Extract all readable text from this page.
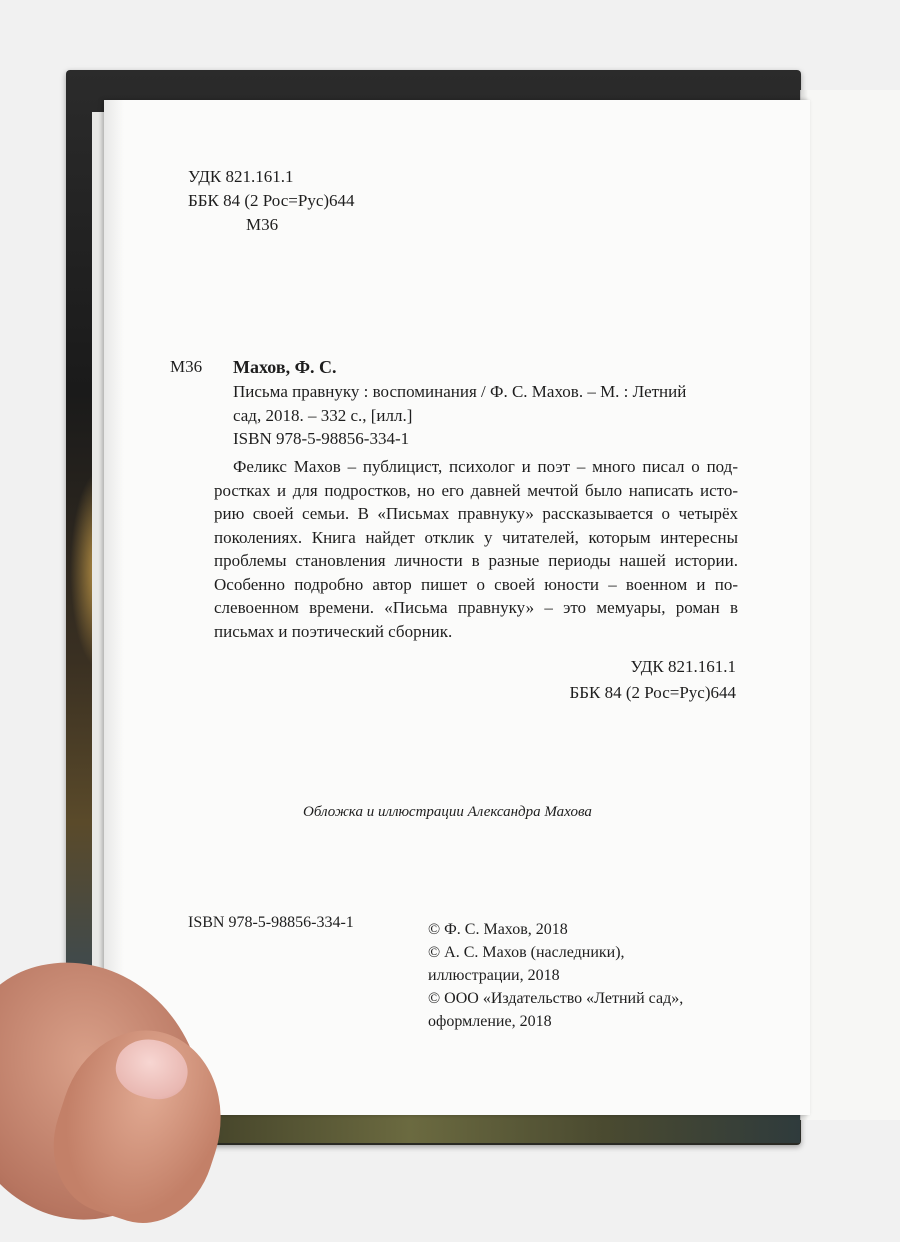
УДК 821.161.1
ББК 84 (2 Рос=Рус)644
М36
М36 Махов, Ф. С.
Письма правнуку : воспоминания / Ф. С. Махов. – М. : Летний
сад, 2018. – 332 с., [илл.]
ISBN 978-5-98856-334-1
Феликс Махов – публицист, психолог и поэт – много писал о под-
ростках и для подростков, но его давней мечтой было написать исто-
рию своей семьи. В «Письмах правнуку» рассказывается о четырёх
поколениях. Книга найдет отклик у читателей, которым интересны
проблемы становления личности в разные периоды нашей истории.
Особенно подробно автор пишет о своей юности – военном и по-
слевоенном времени. «Письма правнуку» – это мемуары, роман в
письмах и поэтический сборник.
УДК 821.161.1
ББК 84 (2 Рос=Рус)644
Обложка и иллюстрации Александра Махова
ISBN 978-5-98856-334-1	© Ф. С. Махов, 2018
© А. С. Махов (наследники),
иллюстрации, 2018
© ООО «Издательство «Летний сад»,
оформление, 2018
